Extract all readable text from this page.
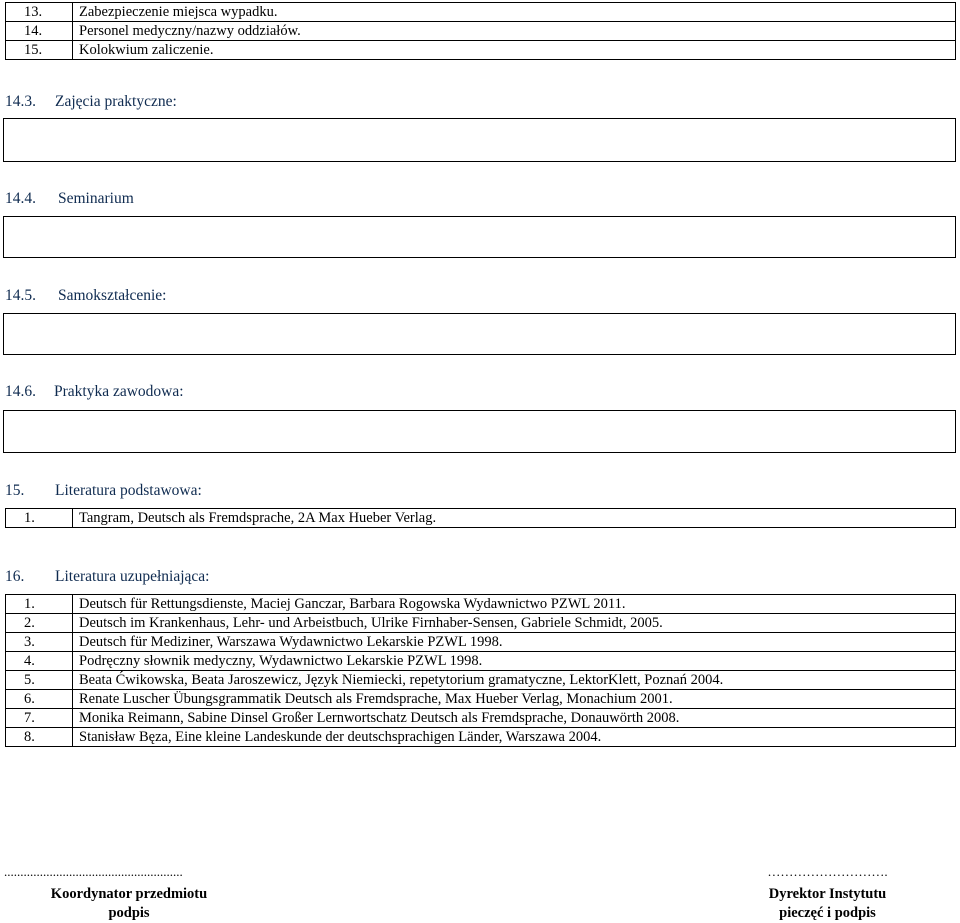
13.	Zabezpieczenie miejsca wypadku.
14.	Personel medyczny/nazwy oddziałów.
15.	Kolokwium zaliczenie.
14.3. Zajęcia praktyczne:
14.4. Seminarium
14.5. Samokształcenie:
14.6. Praktyka zawodowa:
15. Literatura podstawowa:
1.	Tangram, Deutsch als Fremdsprache, 2A Max Hueber Verlag.
16. Literatura uzupełniająca:
1.	Deutsch für Rettungsdienste, Maciej Ganczar, Barbara Rogowska Wydawnictwo PZWL 2011.
2.	Deutsch im Krankenhaus, Lehr- und Arbeistbuch, Ulrike Firnhaber-Sensen, Gabriele Schmidt, 2005.
3.	Deutsch für Mediziner, Warszawa Wydawnictwo Lekarskie PZWL 1998.
4.	Podręczny słownik medyczny, Wydawnictwo Lekarskie PZWL 1998.
5.	Beata Ćwikowska, Beata Jaroszewicz, Język Niemiecki, repetytorium gramatyczne, LektorKlett, Poznań 2004.
6.	Renate Luscher Übungsgrammatik Deutsch als Fremdsprache, Max Hueber Verlag, Monachium 2001.
7.	Monika Reimann, Sabine Dinsel Großer Lernwortschatz Deutsch als Fremdsprache, Donauwörth 2008.
8.	Stanisław Bęza, Eine kleine Landeskunde der deutschsprachigen Länder, Warszawa 2004.
.......................................................
Koordynator przedmiotu
podpis
……………………….
Dyrektor Instytutu
pieczęć i podpis
